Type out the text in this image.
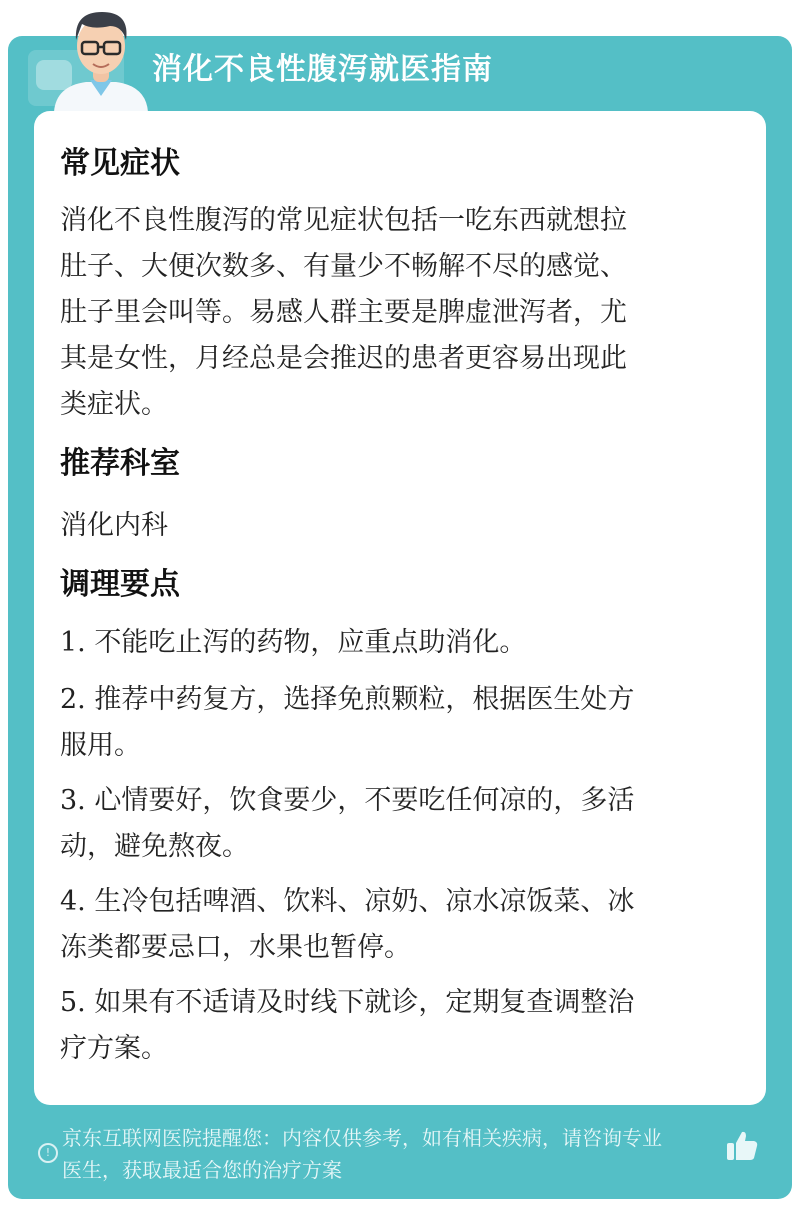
消化不良性腹泻就医指南
常见症状
消化不良性腹泻的常见症状包括一吃东西就想拉
肚子、大便次数多、有量少不畅解不尽的感觉、
肚子里会叫等。易感人群主要是脾虚泄泻者，尤
其是女性，月经总是会推迟的患者更容易出现此
类症状。
推荐科室
消化内科
调理要点
1. 不能吃止泻的药物，应重点助消化。
2. 推荐中药复方，选择免煎颗粒，根据医生处方
服用。
3. 心情要好，饮食要少，不要吃任何凉的，多活
动，避免熬夜。
4. 生冷包括啤酒、饮料、凉奶、凉水凉饭菜、冰
冻类都要忌口，水果也暂停。
5. 如果有不适请及时线下就诊，定期复查调整治
疗方案。
!
京东互联网医院提醒您：内容仅供参考，如有相关疾病，请咨询专业
医生，获取最适合您的治疗方案
